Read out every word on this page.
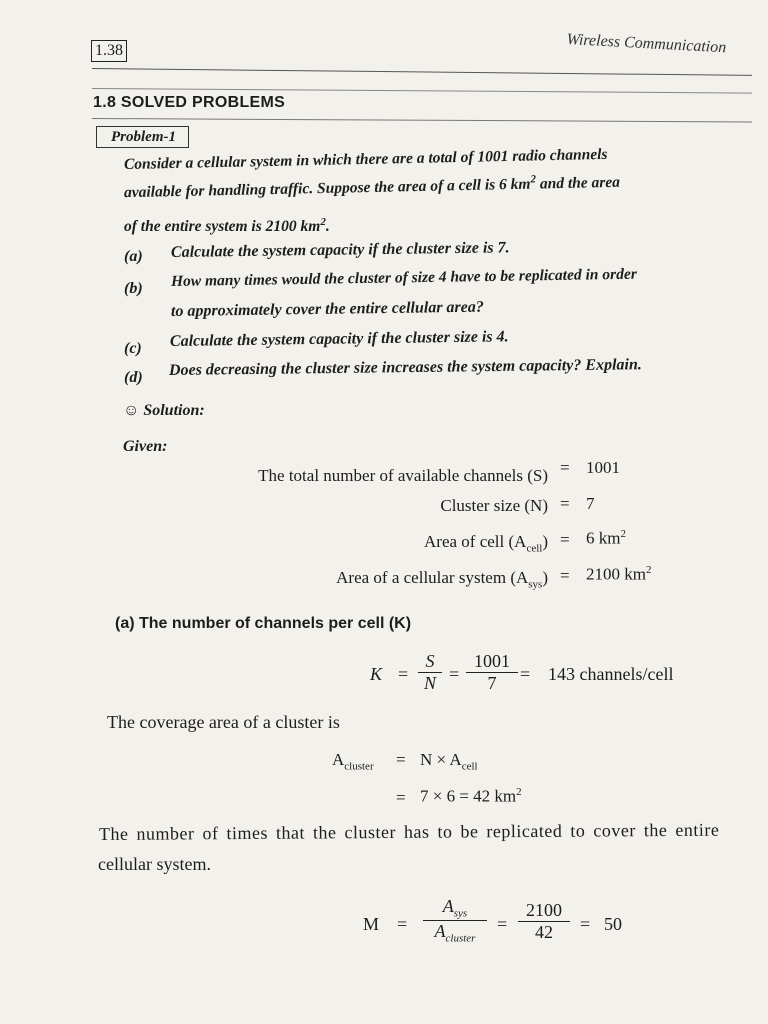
1.38	Wireless Communication
1.8 SOLVED PROBLEMS
Problem-1
Consider a cellular system in which there are a total of 1001 radio channels
available for handling traffic. Suppose the area of a cell is 6 $km^2$ and the area
of the entire system is 2100 $km^2$.
(a) Calculate the system capacity if the cluster size is 7.
(b) How many times would the cluster of size 4 have to be replicated in order
to approximately cover the entire cellular area?
(c) Calculate the system capacity if the cluster size is 4.
(d) Does decreasing the cluster size increases the system capacity? Explain.
☺ Solution:
Given:
The total number of available channels (S) = 1001
Cluster size (N) = 7
Area of cell $(A_{cell}) = 6$ $km^2$
Area of a cellular system $(A_{sys}) = 2100$ $km^2$
(a) The number of channels per cell (K)
$K = \frac{S}{N} = \frac{1001}{7} = 143$ channels/cell
The coverage area of a cluster is
$A_{cluster} = N \times A_{cell}$
= 7 × 6 = 42 $km^2$
The number of times that the cluster has to be replicated to cover the entire
cellular system.
M =
$A_{sys}$
$A_{cluster}$
= $\frac{2100}{42} = 50$
